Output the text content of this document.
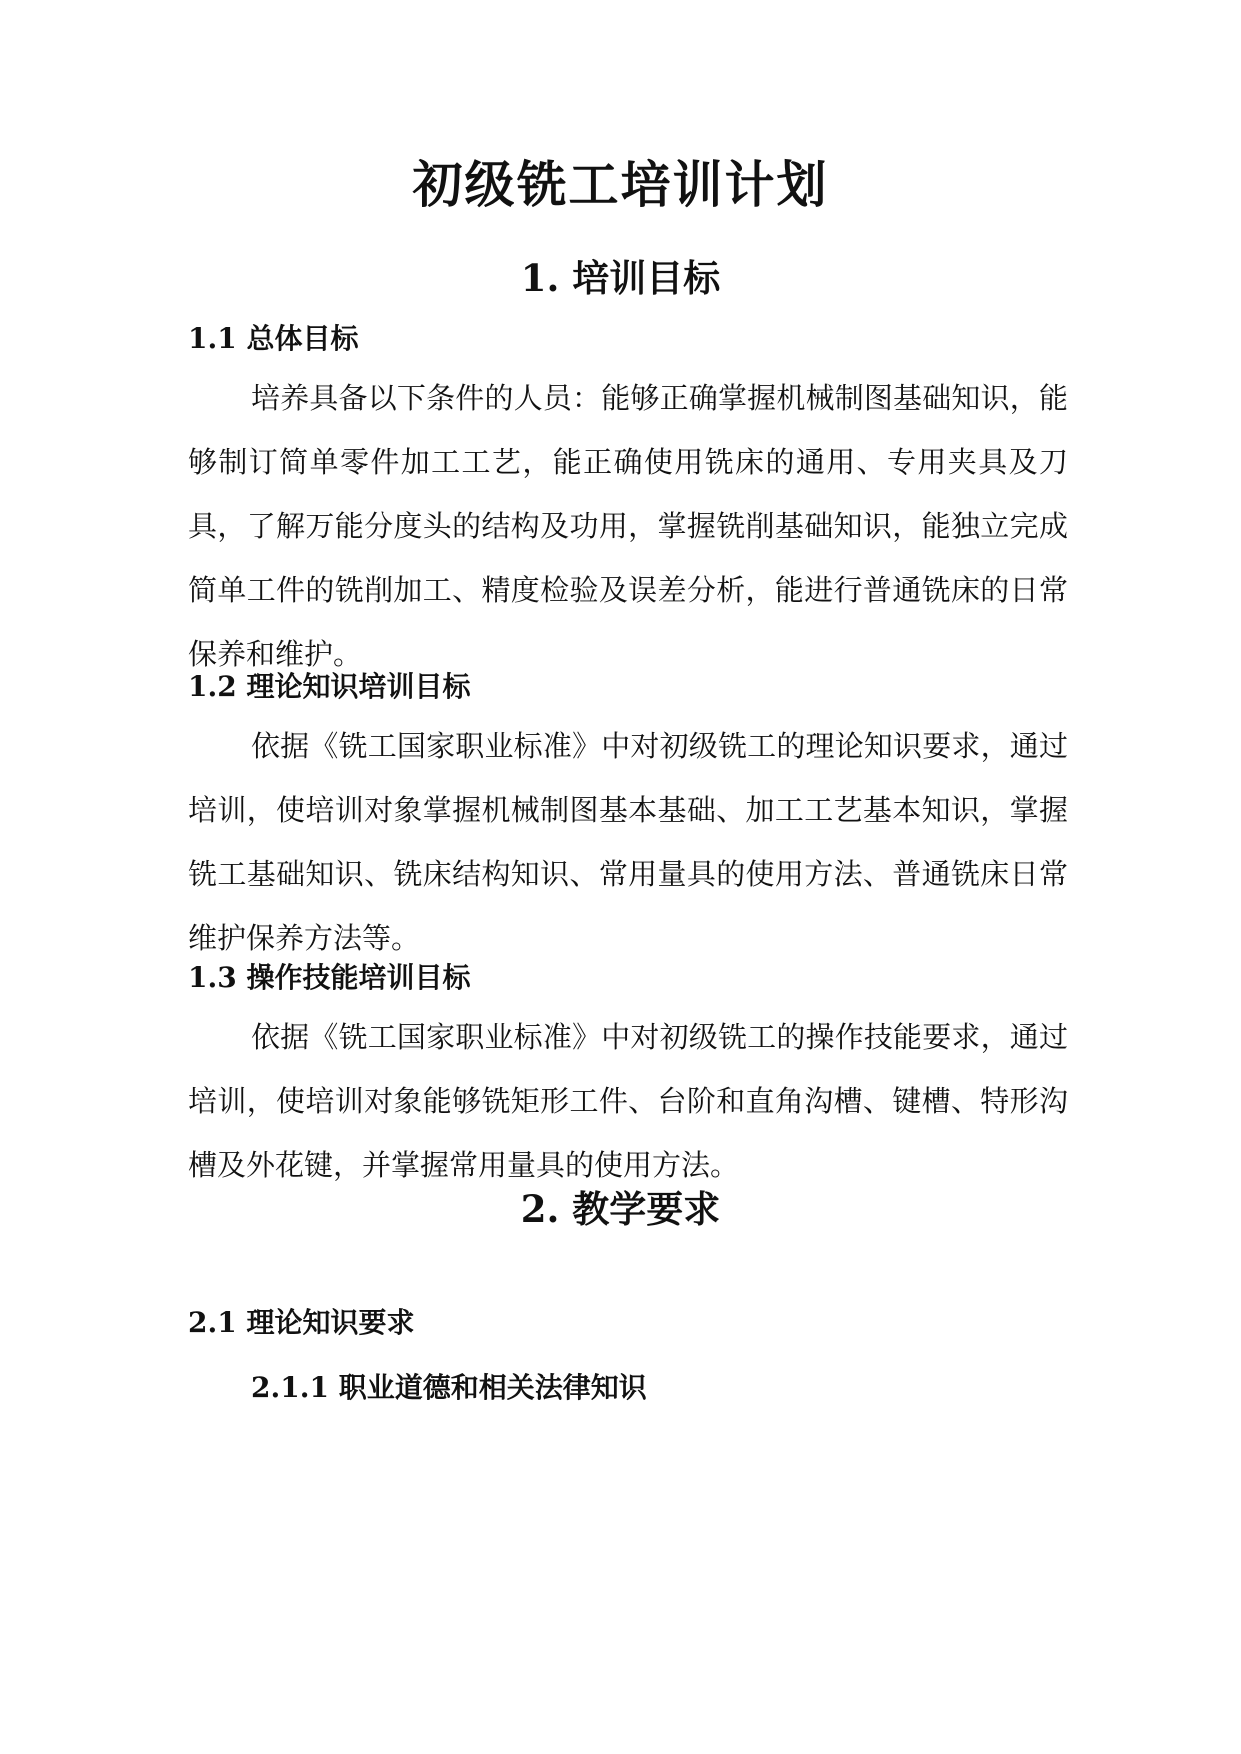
初级铣工培训计划
1. 培训目标
1.1 总体目标

培养具备以下条件的人员：能够正确掌握机械制图基础知识，能够制订简单零件加工工艺，能正确使用铣床的通用、专用夹具及刀具，了解万能分度头的结构及功用，掌握铣削基础知识，能独立完成简单工件的铣削加工、精度检验及误差分析，能进行普通铣床的日常保养和维护。

1.2 理论知识培训目标

依据《铣工国家职业标准》中对初级铣工的理论知识要求，通过培训，使培训对象掌握机械制图基本基础、加工工艺基本知识，掌握铣工基础知识、铣床结构知识、常用量具的使用方法、普通铣床日常维护保养方法等。

1.3 操作技能培训目标

依据《铣工国家职业标准》中对初级铣工的操作技能要求，通过培训，使培训对象能够铣矩形工件、台阶和直角沟槽、键槽、特形沟槽及外花键，并掌握常用量具的使用方法。

2. 教学要求
2.1 理论知识要求
2.1.1 职业道德和相关法律知识
